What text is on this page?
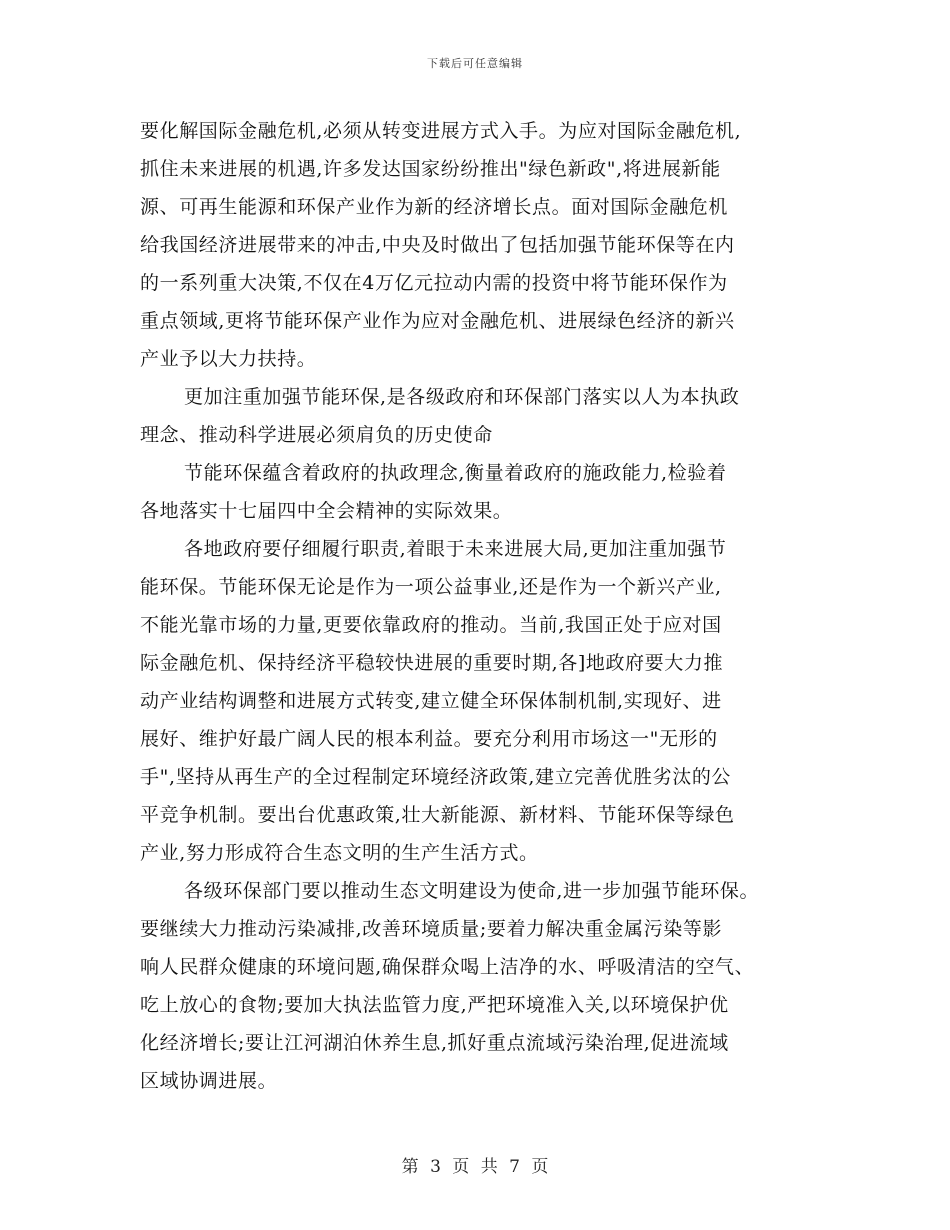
下载后可任意编辑
要化解国际金融危机,必须从转变进展方式入手。为应对国际金融危机,
抓住未来进展的机遇,许多发达国家纷纷推出"绿色新政",将进展新能
源、可再生能源和环保产业作为新的经济增长点。面对国际金融危机
给我国经济进展带来的冲击,中央及时做出了包括加强节能环保等在内
的一系列重大决策,不仅在4万亿元拉动内需的投资中将节能环保作为
重点领域,更将节能环保产业作为应对金融危机、进展绿色经济的新兴
产业予以大力扶持。
更加注重加强节能环保,是各级政府和环保部门落实以人为本执政
理念、推动科学进展必须肩负的历史使命
节能环保蕴含着政府的执政理念,衡量着政府的施政能力,检验着
各地落实十七届四中全会精神的实际效果。
各地政府要仔细履行职责,着眼于未来进展大局,更加注重加强节
能环保。节能环保无论是作为一项公益事业,还是作为一个新兴产业,
不能光靠市场的力量,更要依靠政府的推动。当前,我国正处于应对国
际金融危机、保持经济平稳较快进展的重要时期,各]地政府要大力推
动产业结构调整和进展方式转变,建立健全环保体制机制,实现好、进
展好、维护好最广阔人民的根本利益。要充分利用市场这一"无形的
手",坚持从再生产的全过程制定环境经济政策,建立完善优胜劣汰的公
平竞争机制。要出台优惠政策,壮大新能源、新材料、节能环保等绿色
产业,努力形成符合生态文明的生产生活方式。
各级环保部门要以推动生态文明建设为使命,进一步加强节能环保。
要继续大力推动污染减排,改善环境质量;要着力解决重金属污染等影
响人民群众健康的环境问题,确保群众喝上洁净的水、呼吸清洁的空气、
吃上放心的食物;要加大执法监管力度,严把环境准入关,以环境保护优
化经济增长;要让江河湖泊休养生息,抓好重点流域污染治理,促进流域
区域协调进展。
第 3 页 共 7 页
